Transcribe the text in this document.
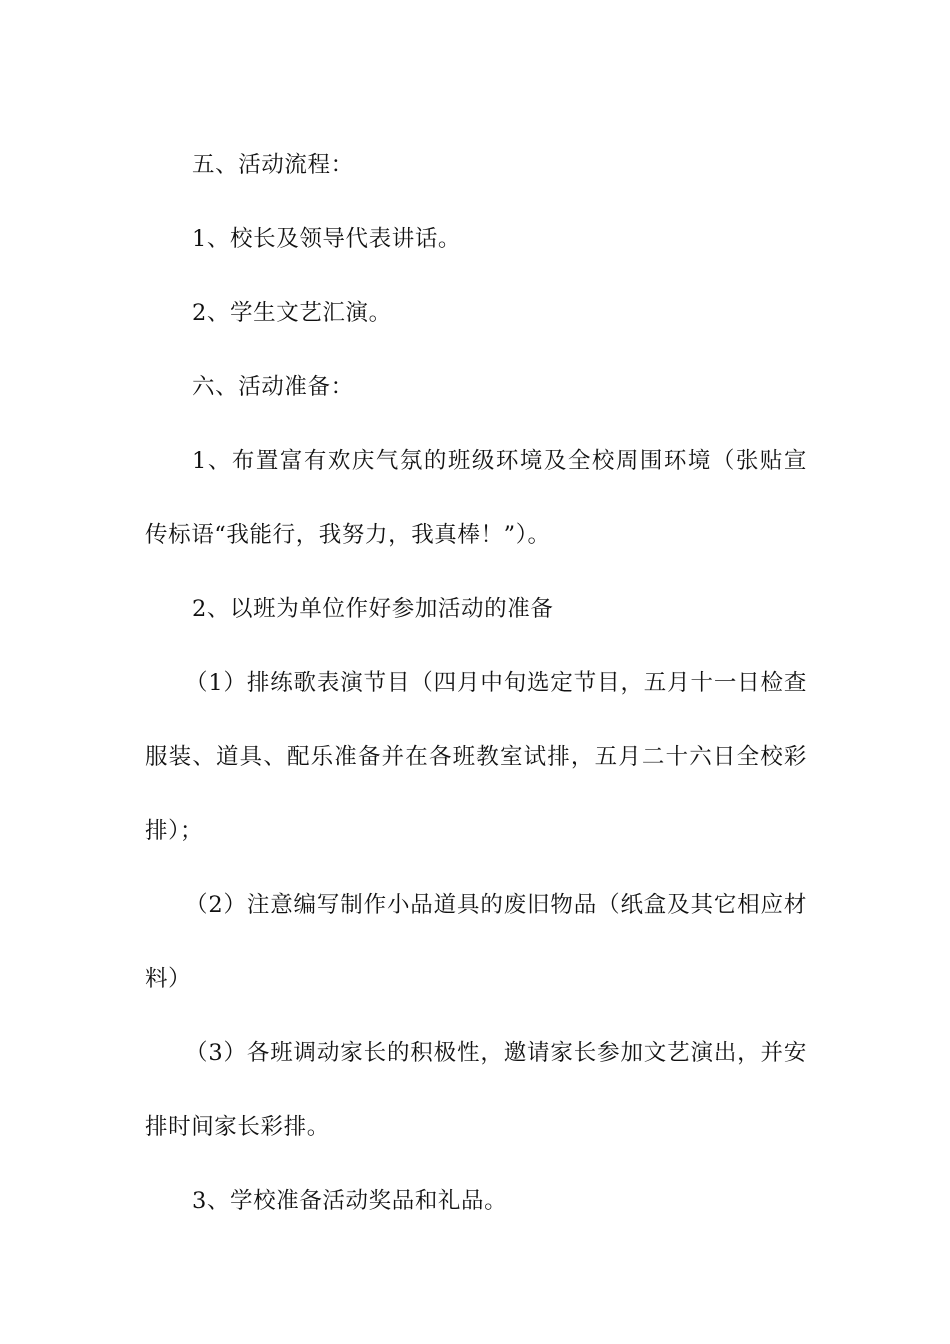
五、活动流程：

1、校长及领导代表讲话。

2、学生文艺汇演。

六、活动准备：

1、布置富有欢庆气氛的班级环境及全校周围环境（张贴宣传标语“我能行，我努力，我真棒！”）。

2、以班为单位作好参加活动的准备

（1）排练歌表演节目（四月中旬选定节目，五月十一日检查服装、道具、配乐准备并在各班教室试排，五月二十六日全校彩排）；

（2）注意编写制作小品道具的废旧物品（纸盒及其它相应材料）

（3）各班调动家长的积极性，邀请家长参加文艺演出，并安排时间家长彩排。

3、学校准备活动奖品和礼品。
